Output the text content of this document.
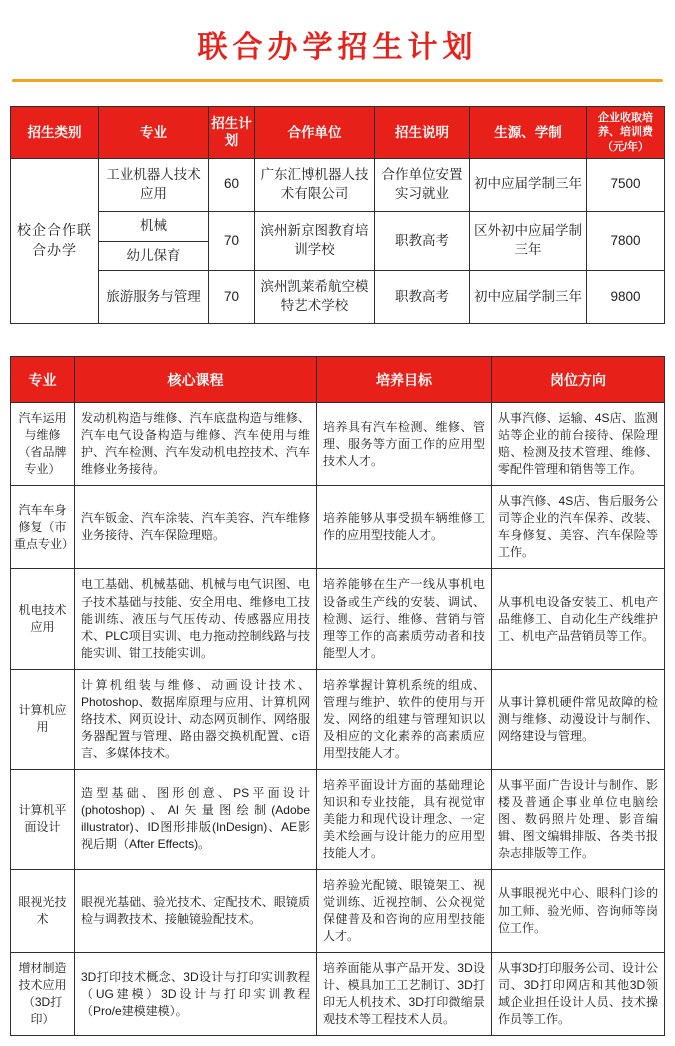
联合办学招生计划
招生类别	专业	招生计划	合作单位	招生说明	生源、学制	企业收取培养、培训费（元/年）
校企合作联合办学	工业机器人技术应用	60	广东汇博机器人技术有限公司	合作单位安置实习就业	初中应届学制三年	7500
	机械	70	滨州新京图教育培训学校	职教高考	区外初中应届学制三年	7800
	幼儿保育					
	旅游服务与管理	70	滨州凯莱希航空模特艺术学校	职教高考	初中应届学制三年	9800
专业	核心课程	培养目标	岗位方向
汽车运用与维修（省品牌专业）	发动机构造与维修、汽车底盘构造与维修、汽车电气设备构造与维修、汽车使用与维护、汽车检测、汽车发动机电控技术、汽车维修业务接待。	培养具有汽车检测、维修、管理、服务等方面工作的应用型技术人才。	从事汽修、运输、4S店、监测站等企业的前台接待、保险理赔、检测及技术管理、维修、零配件管理和销售等工作。
汽车车身修复（市重点专业）	汽车钣金、汽车涂装、汽车美容、汽车维修业务接待、汽车保险理赔。	培养能够从事受损车辆维修工作的应用型技能人才。	从事汽修、4S店、售后服务公司等企业的汽车保养、改装、车身修复、美容、汽车保险等工作。
机电技术应用	电工基础、机械基础、机械与电气识图、电子技术基础与技能、安全用电、维修电工技能训练、液压与气压传动、传感器应用技术、PLC项目实训、电力拖动控制线路与技能实训、钳工技能实训。	培养能够在生产一线从事机电设备或生产线的安装、调试、检测、运行、维修、营销与管理等工作的高素质劳动者和技能型人才。	从事机电设备安装工、机电产品维修工、自动化生产线维护工、机电产品营销员等工作。
计算机应用	计算机组装与维修、动画设计技术、Photoshop、数据库原理与应用、计算机网络技术、网页设计、动态网页制作、网络服务器配置与管理、路由器交换机配置、c语言、多媒体技术。	培养掌握计算机系统的组成、管理与维护、软件的使用与开发、网络的组建与管理知识以及相应的文化素养的高素质应用型技能人才。	从事计算机硬件常见故障的检测与维修、动漫设计与制作、网络建设与管理。
计算机平面设计	造型基础、图形创意、PS平面设计(photoshop)、AI矢量图绘制(Adobe illustrator)、ID图形排版(InDesign)、AE影视后期（After Effects)。	培养平面设计方面的基础理论知识和专业技能，具有视觉审美能力和现代设计理念、一定美术绘画与设计能力的应用型技能人才。	从事平面广告设计与制作、影楼及普通企事业单位电脑绘图、数码照片处理、影音编辑、图文编辑排版、各类书报杂志排版等工作。
眼视光技术	眼视光基础、验光技术、定配技术、眼镜质检与调教技术、接触镜验配技术。	培养验光配镜、眼镜架工、视觉训练、近视控制、公众视觉保健普及和咨询的应用型技能人才。	从事眼视光中心、眼科门诊的加工师、验光师、咨询师等岗位工作。
增材制造技术应用（3D打印）	3D打印技术概念、3D设计与打印实训教程（UG建模）3D设计与打印实训教程（Pro/e建模建模）。	培养面能从事产品开发、3D设计、模具加工工艺制订、3D打印无人机技术、3D打印微缩景观技术等工程技术人员。	从事3D打印服务公司、设计公司、3D打印网店和其他3D领域企业担任设计人员、技术操作员等工作。
